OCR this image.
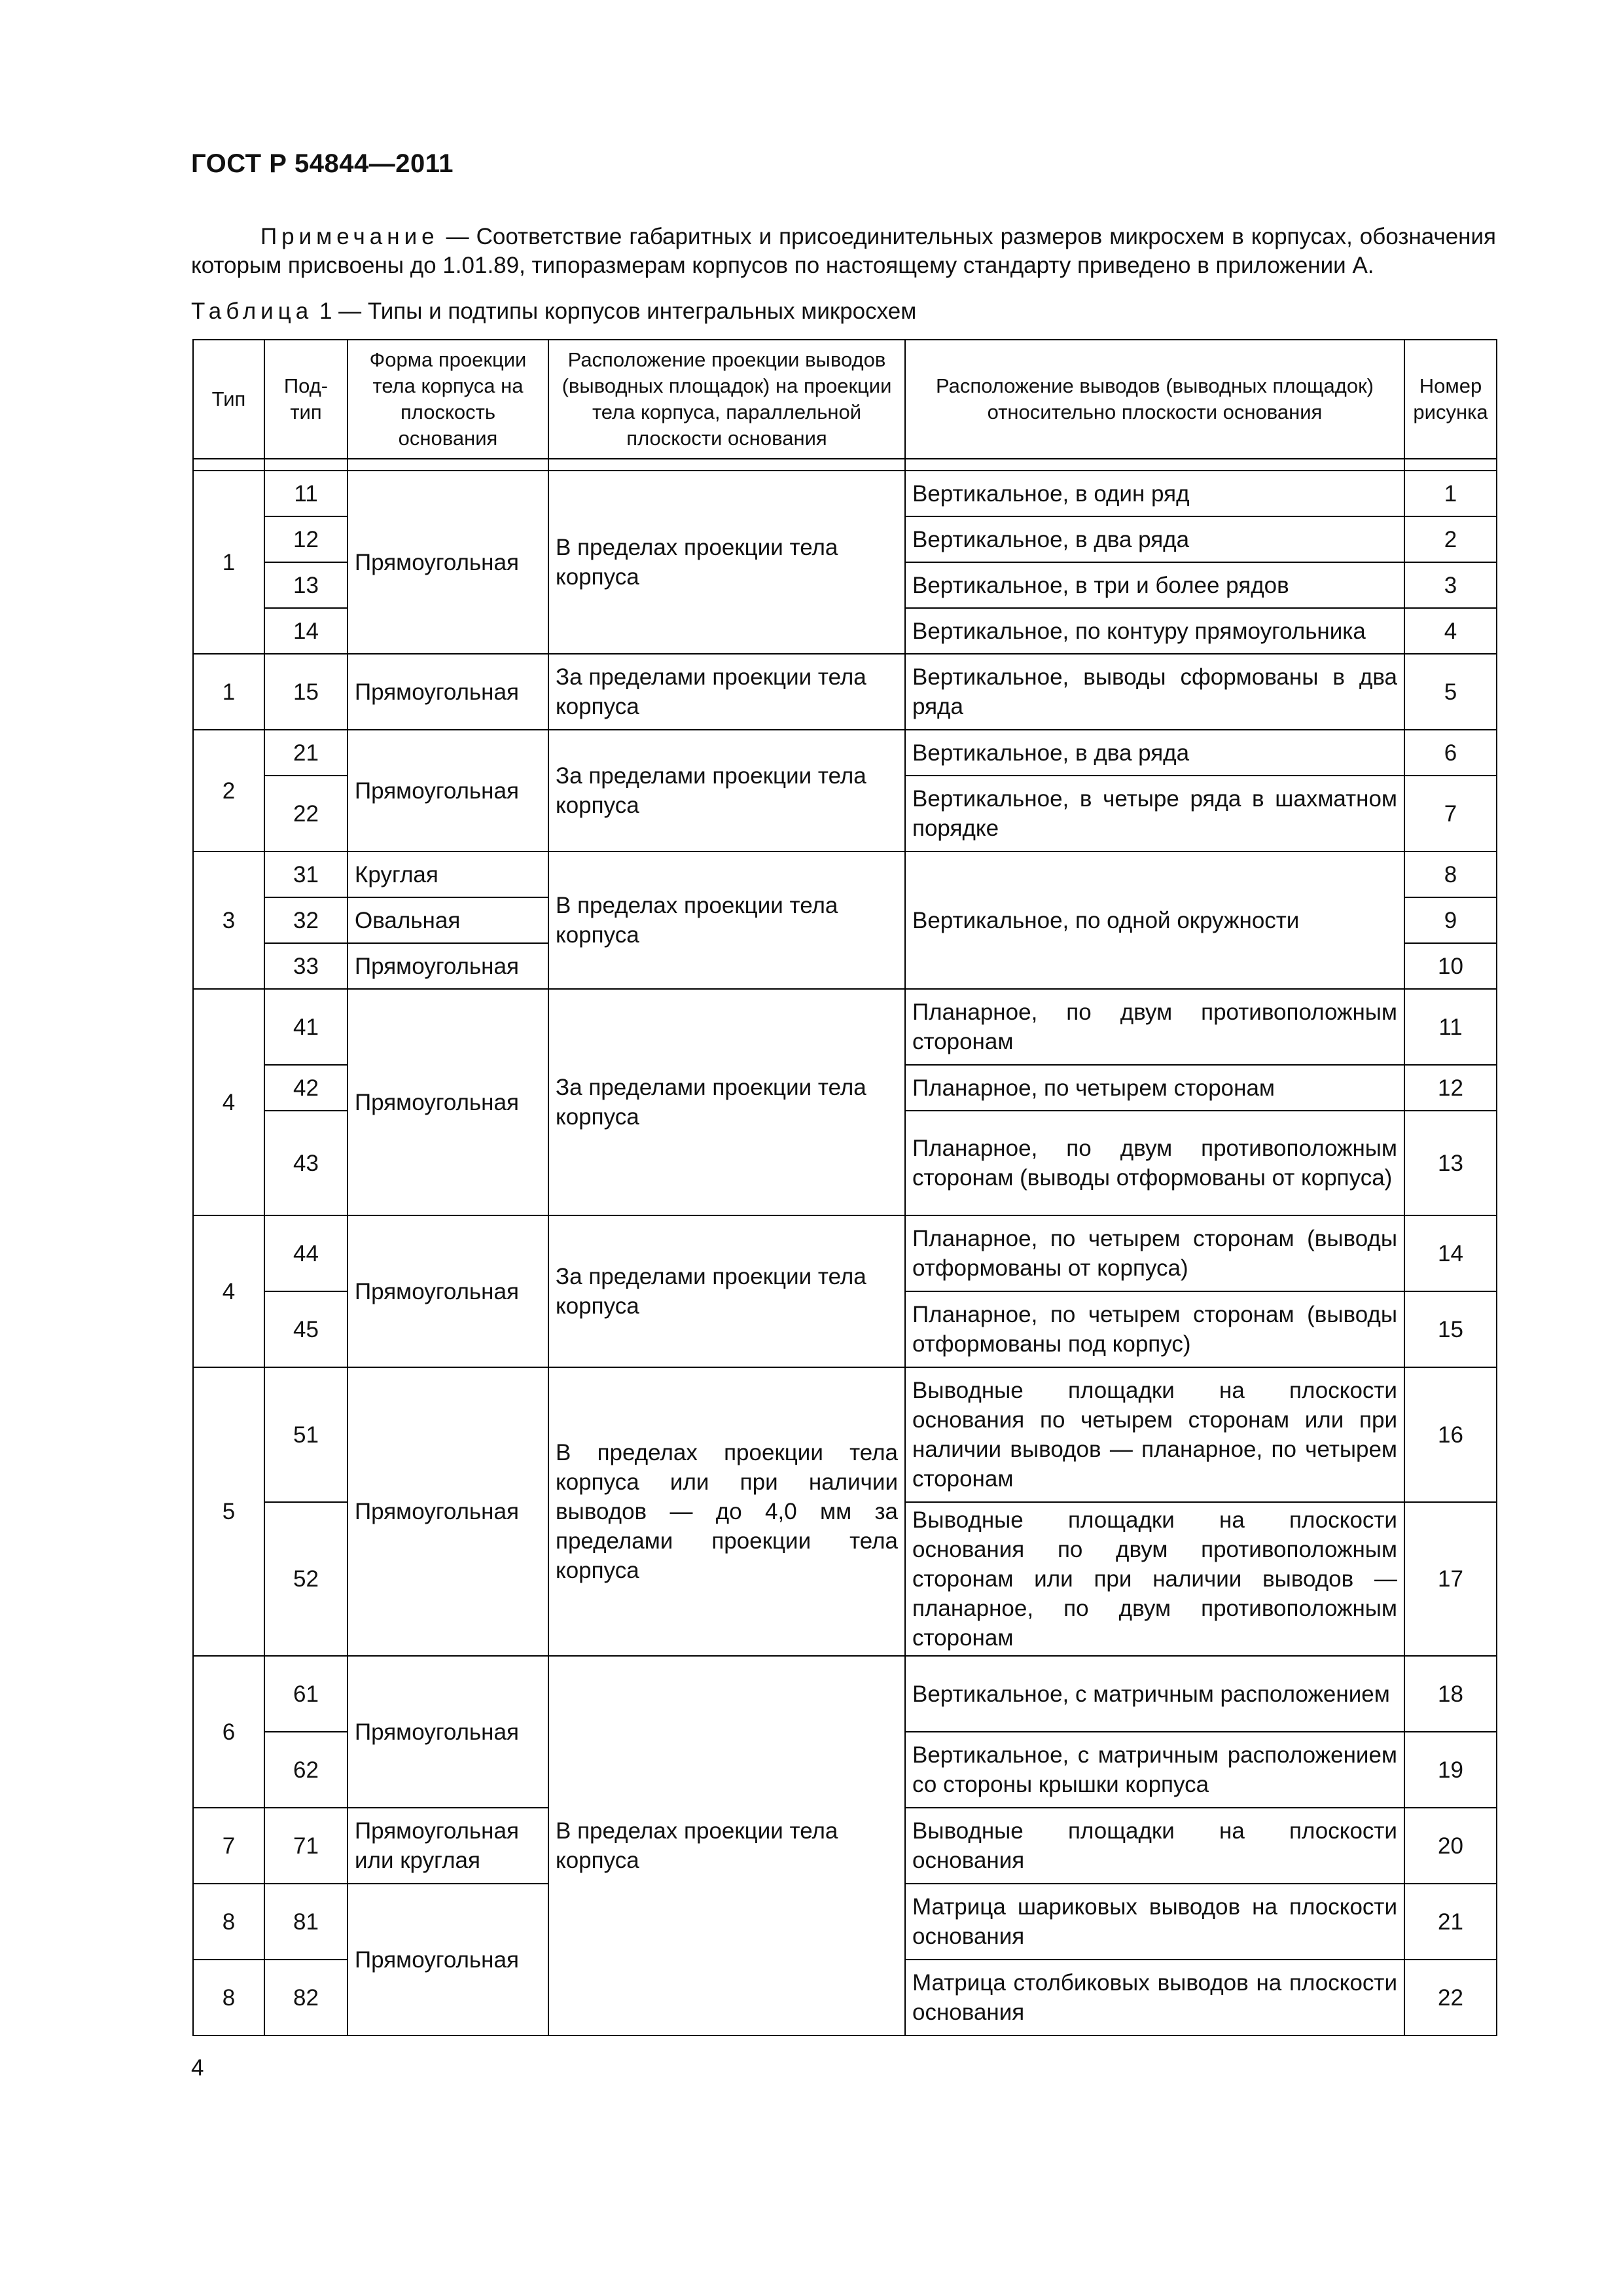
ГОСТ Р 54844—2011
Примечание — Соответствие габаритных и присоединительных размеров микросхем в корпусах, обозначения которым присвоены до 1.01.89, типоразмерам корпусов по настоящему стандарту приведено в приложении А.
Таблица 1 — Типы и подтипы корпусов интегральных микросхем
Тип	Под-тип	Форма проекции тела корпуса на плоскость основания	Расположение проекции выводов (выводных площадок) на проекции тела корпуса, параллельной плоскости основания	Расположение выводов (выводных площадок) относительно плоскости основания	Номер рисунка

1	11	Прямоугольная	В пределах проекции тела корпуса	Вертикальное, в один ряд	1
	12			Вертикальное, в два ряда	2
	13			Вертикальное, в три и более рядов	3
	14			Вертикальное, по контуру прямоугольника	4
1	15	Прямоугольная	За пределами проекции тела корпуса	Вертикальное, выводы сформованы в два ряда	5
2	21	Прямоугольная	За пределами проекции тела корпуса	Вертикальное, в два ряда	6
	22			Вертикальное, в четыре ряда в шахматном порядке	7
3	31	Круглая	В пределах проекции тела корпуса	Вертикальное, по одной окружности	8
	32	Овальная			9
	33	Прямоугольная			10
4	41	Прямоугольная	За пределами проекции тела корпуса	Планарное, по двум противоположным сторонам	11
	42			Планарное, по четырем сторонам	12
	43			Планарное, по двум противоположным сторонам (выводы отформованы от корпуса)	13
4	44	Прямоугольная	За пределами проекции тела корпуса	Планарное, по четырем сторонам (выводы отформованы от корпуса)	14
	45			Планарное, по четырем сторонам (выводы отформованы под корпус)	15
5	51	Прямоугольная	В пределах проекции тела корпуса или при наличии выводов — до 4,0 мм за пределами проекции тела корпуса	Выводные площадки на плоскости основания по четырем сторонам или при наличии выводов — планарное, по четырем сторонам	16
	52			Выводные площадки на плоскости основания по двум противоположным сторонам или при наличии выводов — планарное, по двум противоположным сторонам	17
6	61	Прямоугольная	В пределах проекции тела корпуса	Вертикальное, с матричным расположением	18
	62			Вертикальное, с матричным расположением со стороны крышки корпуса	19
7	71	Прямоугольная или круглая		Выводные площадки на плоскости основания	20
8	81	Прямоугольная		Матрица шариковых выводов на плоскости основания	21
8	82			Матрица столбиковых выводов на плоскости основания	22
4
